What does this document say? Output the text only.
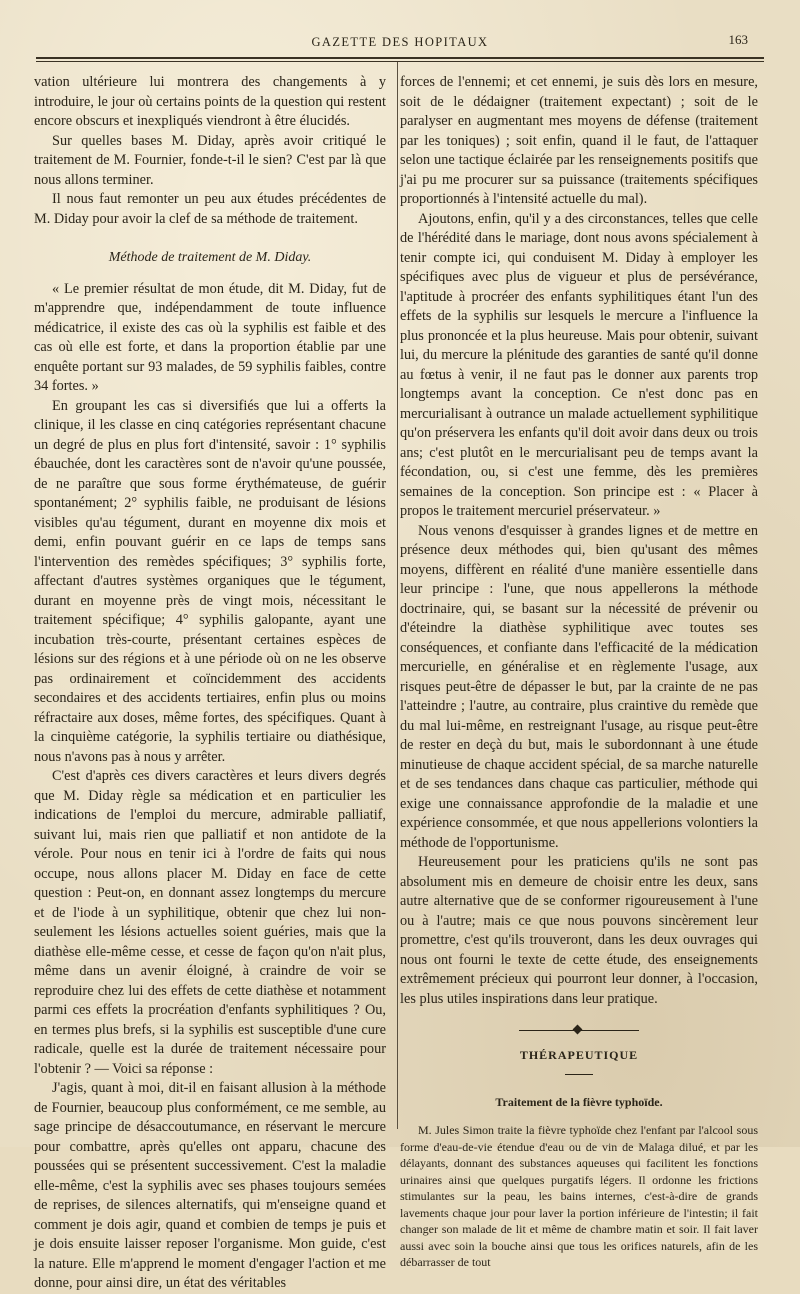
GAZETTE DES HOPITAUX	163

vation ultérieure lui montrera des changements à y introduire, le jour où certains points de la question qui restent encore obscurs et inexpliqués viendront à être élucidés.

Sur quelles bases M. Diday, après avoir critiqué le traitement de M. Fournier, fonde-t-il le sien? C'est par là que nous allons terminer.

Il nous faut remonter un peu aux études précédentes de M. Diday pour avoir la clef de sa méthode de traitement.

Méthode de traitement de M. Diday.

« Le premier résultat de mon étude, dit M. Diday, fut de m'apprendre que, indépendamment de toute influence médicatrice, il existe des cas où la syphilis est faible et des cas où elle est forte, et dans la proportion établie par une enquête portant sur 93 malades, de 59 syphilis faibles, contre 34 fortes. »

En groupant les cas si diversifiés que lui a offerts la clinique, il les classe en cinq catégories représentant chacune un degré de plus en plus fort d'intensité, savoir : 1° syphilis ébauchée, dont les caractères sont de n'avoir qu'une poussée, de ne paraître que sous forme érythémateuse, de guérir spontanément; 2° syphilis faible, ne produisant de lésions visibles qu'au tégument, durant en moyenne dix mois et demi, enfin pouvant guérir en ce laps de temps sans l'intervention des remèdes spécifiques; 3° syphilis forte, affectant d'autres systèmes organiques que le tégument, durant en moyenne près de vingt mois, nécessitant le traitement spécifique; 4° syphilis galopante, ayant une incubation très-courte, présentant certaines espèces de lésions sur des régions et à une période où on ne les observe pas ordinairement et coïncidemment des accidents secondaires et des accidents tertiaires, enfin plus ou moins réfractaire aux doses, même fortes, des spécifiques. Quant à la cinquième catégorie, la syphilis tertiaire ou diathésique, nous n'avons pas à nous y arrêter.

C'est d'après ces divers caractères et leurs divers degrés que M. Diday règle sa médication et en particulier les indications de l'emploi du mercure, admirable palliatif, suivant lui, mais rien que palliatif et non antidote de la vérole. Pour nous en tenir ici à l'ordre de faits qui nous occupe, nous allons placer M. Diday en face de cette question : Peut-on, en donnant assez longtemps du mercure et de l'iode à un syphilitique, obtenir que chez lui non-seulement les lésions actuelles soient guéries, mais que la diathèse elle-même cesse, et cesse de façon qu'on n'ait plus, même dans un avenir éloigné, à craindre de voir se reproduire chez lui des effets de cette diathèse et notamment parmi ces effets la procréation d'enfants syphilitiques ? Ou, en termes plus brefs, si la syphilis est susceptible d'une cure radicale, quelle est la durée de traitement nécessaire pour l'obtenir ? — Voici sa réponse :

J'agis, quant à moi, dit-il en faisant allusion à la méthode de Fournier, beaucoup plus conformément, ce me semble, au sage principe de désaccoutumance, en réservant le mercure pour combattre, après qu'elles ont apparu, chacune des poussées qui se présentent successivement. C'est la maladie elle-même, c'est la syphilis avec ses phases toujours semées de reprises, de silences alternatifs, qui m'enseigne quand et comment je dois agir, quand et combien de temps je puis et je dois ensuite laisser reposer l'organisme. Mon guide, c'est la nature. Elle m'apprend le moment d'engager l'action et me donne, pour ainsi dire, un état des véritables

forces de l'ennemi; et cet ennemi, je suis dès lors en mesure, soit de le dédaigner (traitement expectant) ; soit de le paralyser en augmentant mes moyens de défense (traitement par les toniques) ; soit enfin, quand il le faut, de l'attaquer selon une tactique éclairée par les renseignements positifs que j'ai pu me procurer sur sa puissance (traitements spécifiques proportionnés à l'intensité actuelle du mal).

Ajoutons, enfin, qu'il y a des circonstances, telles que celle de l'hérédité dans le mariage, dont nous avons spécialement à tenir compte ici, qui conduisent M. Diday à employer les spécifiques avec plus de vigueur et plus de persévérance, l'aptitude à procréer des enfants syphilitiques étant l'un des effets de la syphilis sur lesquels le mercure a l'influence la plus prononcée et la plus heureuse. Mais pour obtenir, suivant lui, du mercure la plénitude des garanties de santé qu'il donne au fœtus à venir, il ne faut pas le donner aux parents trop longtemps avant la conception. Ce n'est donc pas en mercurialisant à outrance un malade actuellement syphilitique qu'on préservera les enfants qu'il doit avoir dans deux ou trois ans; c'est plutôt en le mercurialisant peu de temps avant la fécondation, ou, si c'est une femme, dès les premières semaines de la conception. Son principe est : « Placer à propos le traitement mercuriel préservateur. »

Nous venons d'esquisser à grandes lignes et de mettre en présence deux méthodes qui, bien qu'usant des mêmes moyens, diffèrent en réalité d'une manière essentielle dans leur principe : l'une, que nous appellerons la méthode doctrinaire, qui, se basant sur la nécessité de prévenir ou d'éteindre la diathèse syphilitique avec toutes ses conséquences, et confiante dans l'efficacité de la médication mercurielle, en généralise et en règlemente l'usage, aux risques peut-être de dépasser le but, par la crainte de ne pas l'atteindre ; l'autre, au contraire, plus craintive du remède que du mal lui-même, en restreignant l'usage, au risque peut-être de rester en deçà du but, mais le subordonnant à une étude minutieuse de chaque accident spécial, de sa marche naturelle et de ses tendances dans chaque cas particulier, méthode qui exige une connaissance approfondie de la maladie et une expérience consommée, et que nous appellerions volontiers la méthode de l'opportunisme.

Heureusement pour les praticiens qu'ils ne sont pas absolument mis en demeure de choisir entre les deux, sans autre alternative que de se conformer rigoureusement à l'une ou à l'autre; mais ce que nous pouvons sincèrement leur promettre, c'est qu'ils trouveront, dans les deux ouvrages qui nous ont fourni le texte de cette étude, des enseignements extrêmement précieux qui pourront leur donner, à l'occasion, les plus utiles inspirations dans leur pratique.

THÉRAPEUTIQUE
Traitement de la fièvre typhoïde.

M. Jules Simon traite la fièvre typhoïde chez l'enfant par l'alcool sous forme d'eau-de-vie étendue d'eau ou de vin de Malaga dilué, et par les délayants, donnant des substances aqueuses qui facilitent les fonctions urinaires ainsi que quelques purgatifs légers. Il ordonne les frictions stimulantes sur la peau, les bains internes, c'est-à-dire de grands lavements chaque jour pour laver la portion inférieure de l'intestin; il fait changer son malade de lit et même de chambre matin et soir. Il fait laver aussi avec soin la bouche ainsi que tous les orifices naturels, afin de les débarrasser de tout
